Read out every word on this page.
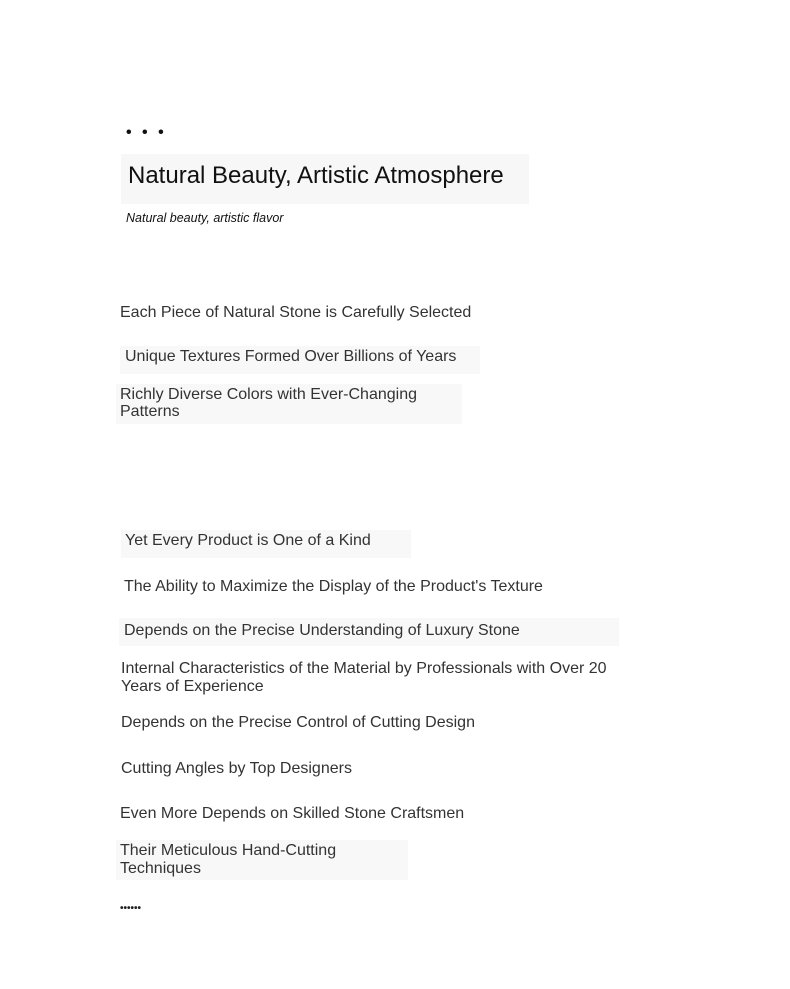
• • •
Natural Beauty, Artistic Atmosphere
Natural beauty, artistic flavor
Each Piece of Natural Stone is Carefully Selected
Unique Textures Formed Over Billions of Years
Richly Diverse Colors with Ever-Changing
Patterns
Yet Every Product is One of a Kind
The Ability to Maximize the Display of the Product's Texture
Depends on the Precise Understanding of Luxury Stone
Internal Characteristics of the Material by Professionals with Over 20
Years of Experience
Depends on the Precise Control of Cutting Design
Cutting Angles by Top Designers
Even More Depends on Skilled Stone Craftsmen
Their Meticulous Hand-Cutting
Techniques
••••••
